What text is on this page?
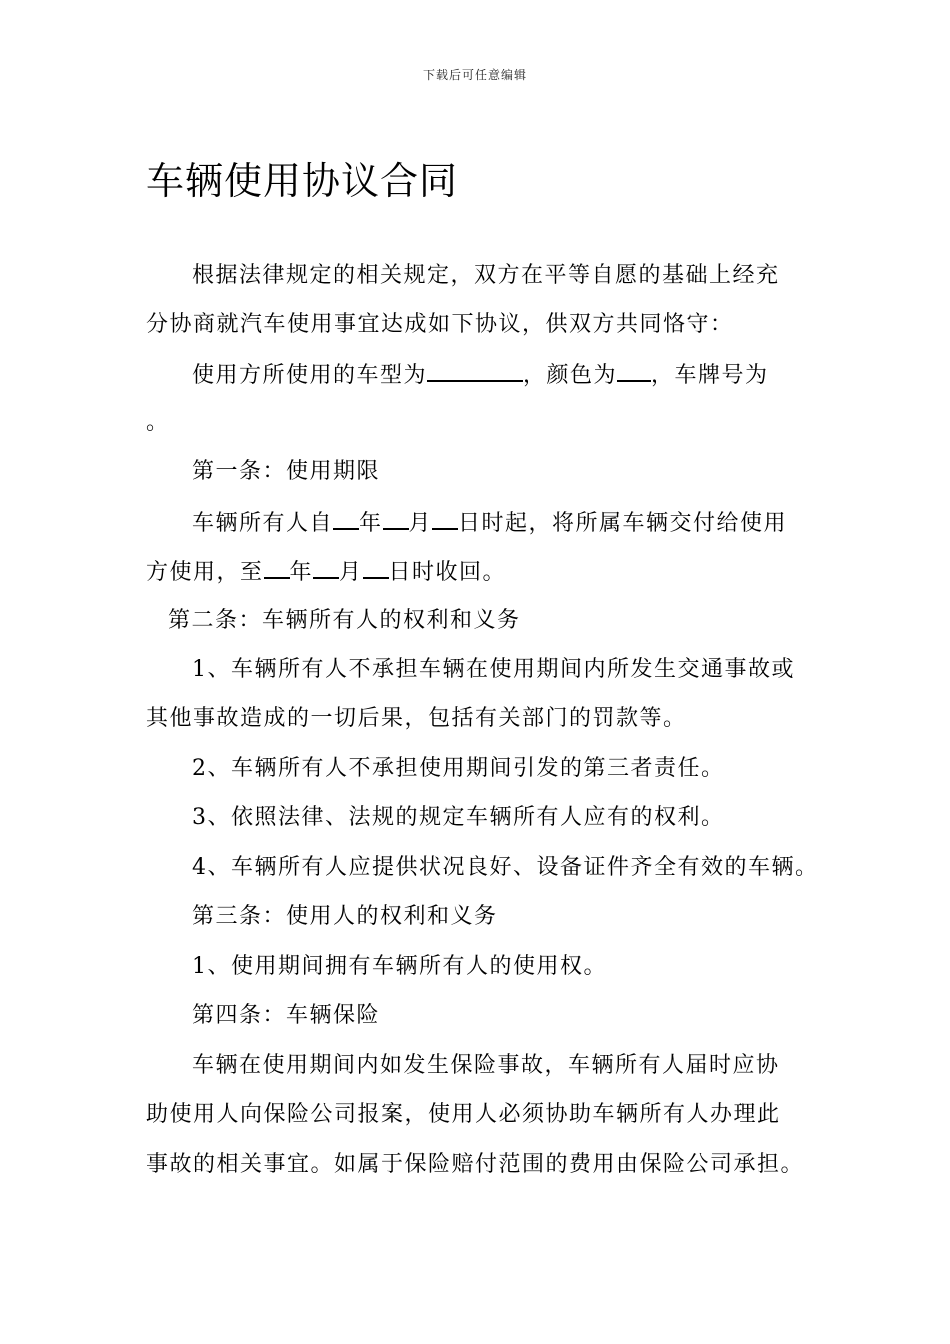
下载后可任意编辑
车辆使用协议合同

根据法律规定的相关规定，双方在平等自愿的基础上经充

分协商就汽车使用事宜达成如下协议，供双方共同恪守：

使用方所使用的车型为	，颜色为 ，车牌号为

。

第一条：使用期限

车辆所有人自 年 月 日时起，将所属车辆交付给使用

方使用，至 年 月 日时收回。

第二条：车辆所有人的权利和义务

1、车辆所有人不承担车辆在使用期间内所发生交通事故或

其他事故造成的一切后果，包括有关部门的罚款等。

2、车辆所有人不承担使用期间引发的第三者责任。

3、依照法律、法规的规定车辆所有人应有的权利。

4、车辆所有人应提供状况良好、设备证件齐全有效的车辆。

第三条：使用人的权利和义务

1、使用期间拥有车辆所有人的使用权。

第四条：车辆保险

车辆在使用期间内如发生保险事故，车辆所有人届时应协

助使用人向保险公司报案，使用人必须协助车辆所有人办理此

事故的相关事宜。如属于保险赔付范围的费用由保险公司承担。
